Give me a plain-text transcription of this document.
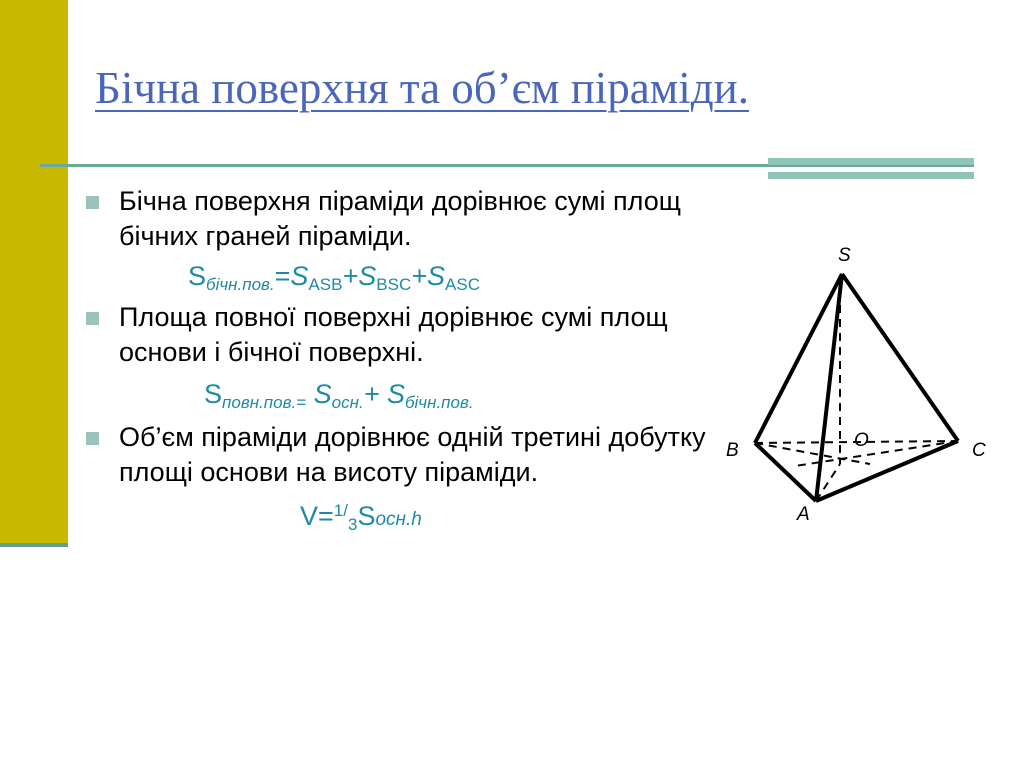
Бічна поверхня та об’єм піраміди.
Бічна поверхня піраміди дорівнює сумі площ бічних граней піраміди.
$S_{бічн.пов.}=S_{ASB}+S_{BSC}+S_{ASC}$
Площа повної поверхні дорівнює сумі площ основи і бічної поверхні.
$S_{повн.пов.=}$ $S_{осн.}+ S_{бічн.пов.}$
Об’єм піраміди дорівнює одній третині добутку площі основи на висоту піраміди.
V=$^{1/}_3$Sосн.h
S
B	C
A
O
